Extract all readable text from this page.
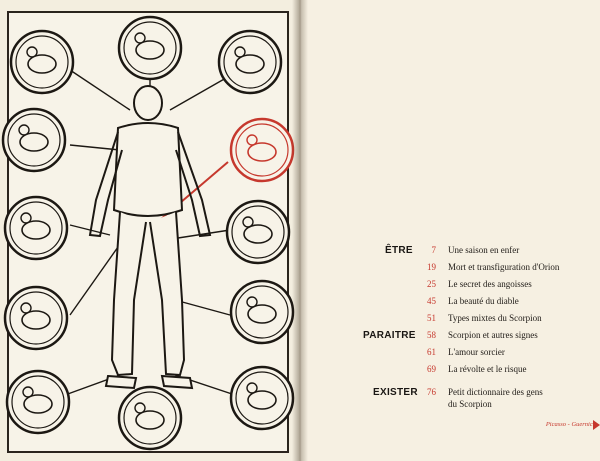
ÊTRE	7 Une saison en enfer
19 Mort et transfiguration d'Orion
25 Le secret des angoisses
45 La beauté du diable
51 Types mixtes du Scorpion
PARAITRE	58 Scorpion et autres signes
61 L'amour sorcier
69 La révolte et le risque
EXISTER	76 Petit dictionnaire des gens
du Scorpion
Picasso - Guernica
